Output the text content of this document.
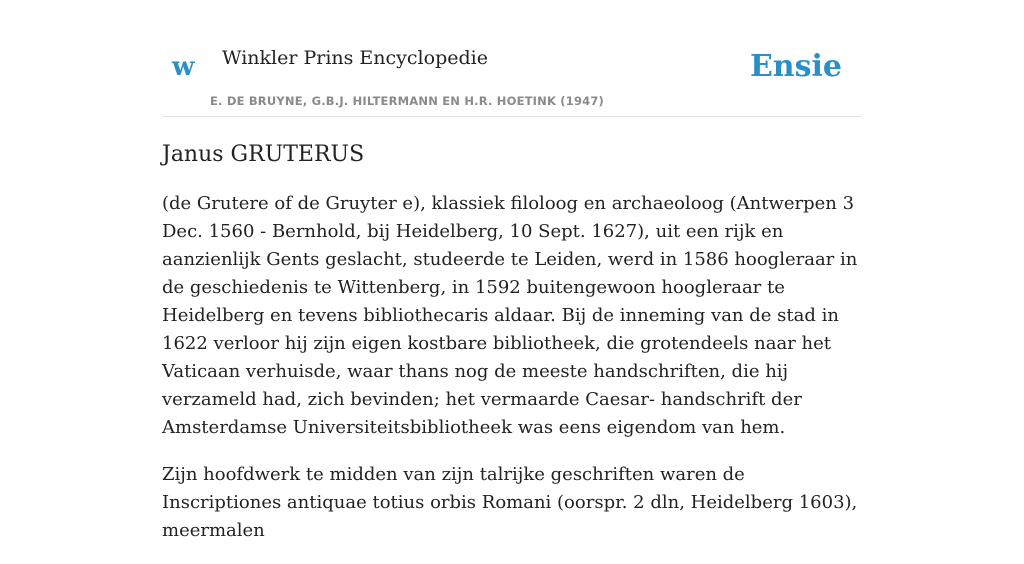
w Winkler Prins Encyclopedie
E. DE BRUYNE, G.B.J. HILTERMANN EN H.R. HOETINK (1947)
Ensie
Janus GRUTERUS

(de Grutere of de Gruyter e), klassiek filoloog en archaeoloog (Antwerpen 3 Dec. 1560 - Bernhold, bij Heidelberg, 10 Sept. 1627), uit een rijk en aanzienlijk Gents geslacht, studeerde te Leiden, werd in 1586 hoogleraar in de geschiedenis te Wittenberg, in 1592 buitengewoon hoogleraar te Heidelberg en tevens bibliothecaris aldaar. Bij de inneming van de stad in 1622 verloor hij zijn eigen kostbare bibliotheek, die grotendeels naar het Vaticaan verhuisde, waar thans nog de meeste handschriften, die hij verzameld had, zich bevinden; het vermaarde Caesar- handschrift der Amsterdamse Universiteitsbibliotheek was eens eigendom van hem.

Zijn hoofdwerk te midden van zijn talrijke geschriften waren de Inscriptiones antiquae totius orbis Romani (oorspr. 2 dln, Heidelberg 1603), meermalen
